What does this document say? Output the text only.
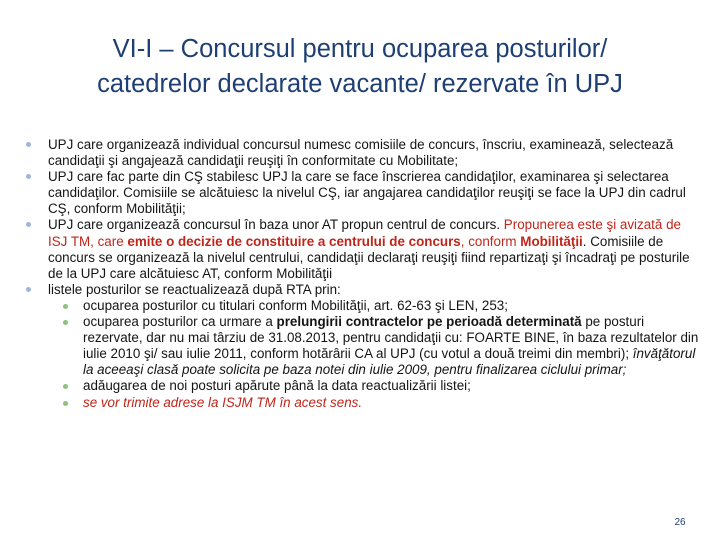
VI-I – Concursul pentru ocuparea posturilor/
catedrelor declarate vacante/ rezervate în UPJ

UPJ care organizează individual concursul numesc comisiile de concurs, înscriu, examinează, selectează candidaţii şi angajează candidaţii reuşiţi în conformitate cu Mobilitate;

UPJ care fac parte din CŞ stabilesc UPJ la care se face înscrierea candidaţilor, examinarea şi selectarea candidaţilor. Comisiile se alcătuiesc la nivelul CŞ, iar angajarea candidaţilor reuşiţi se face la UPJ din cadrul CŞ, conform Mobilităţii;

UPJ care organizează concursul în baza unor AT propun centrul de concurs. Propunerea este şi avizată de ISJ TM, care emite o decizie de constituire a centrului de concurs, conform Mobilităţii. Comisiile de concurs se organizează la nivelul centrului, candidaţii declaraţi reuşiţi fiind repartizaţi şi încadraţi pe posturile de la UPJ care alcătuiesc AT, conform Mobilităţii

listele posturilor se reactualizează după RTA prin:

ocuparea posturilor cu titulari conform Mobilităţii, art. 62-63 şi LEN, 253;

ocuparea posturilor ca urmare a prelungirii contractelor pe perioadă determinată pe posturi rezervate, dar nu mai târziu de 31.08.2013, pentru candidaţii cu: FOARTE BINE, în baza rezultatelor din iulie 2010 şi/ sau iulie 2011, conform hotărârii CA al UPJ (cu votul a două treimi din membri); învăţătorul la aceeaşi clasă poate solicita pe baza notei din iulie 2009, pentru finalizarea ciclului primar;

adăugarea de noi posturi apărute până la data reactualizării listei;

se vor trimite adrese la ISJM TM în acest sens.

26
